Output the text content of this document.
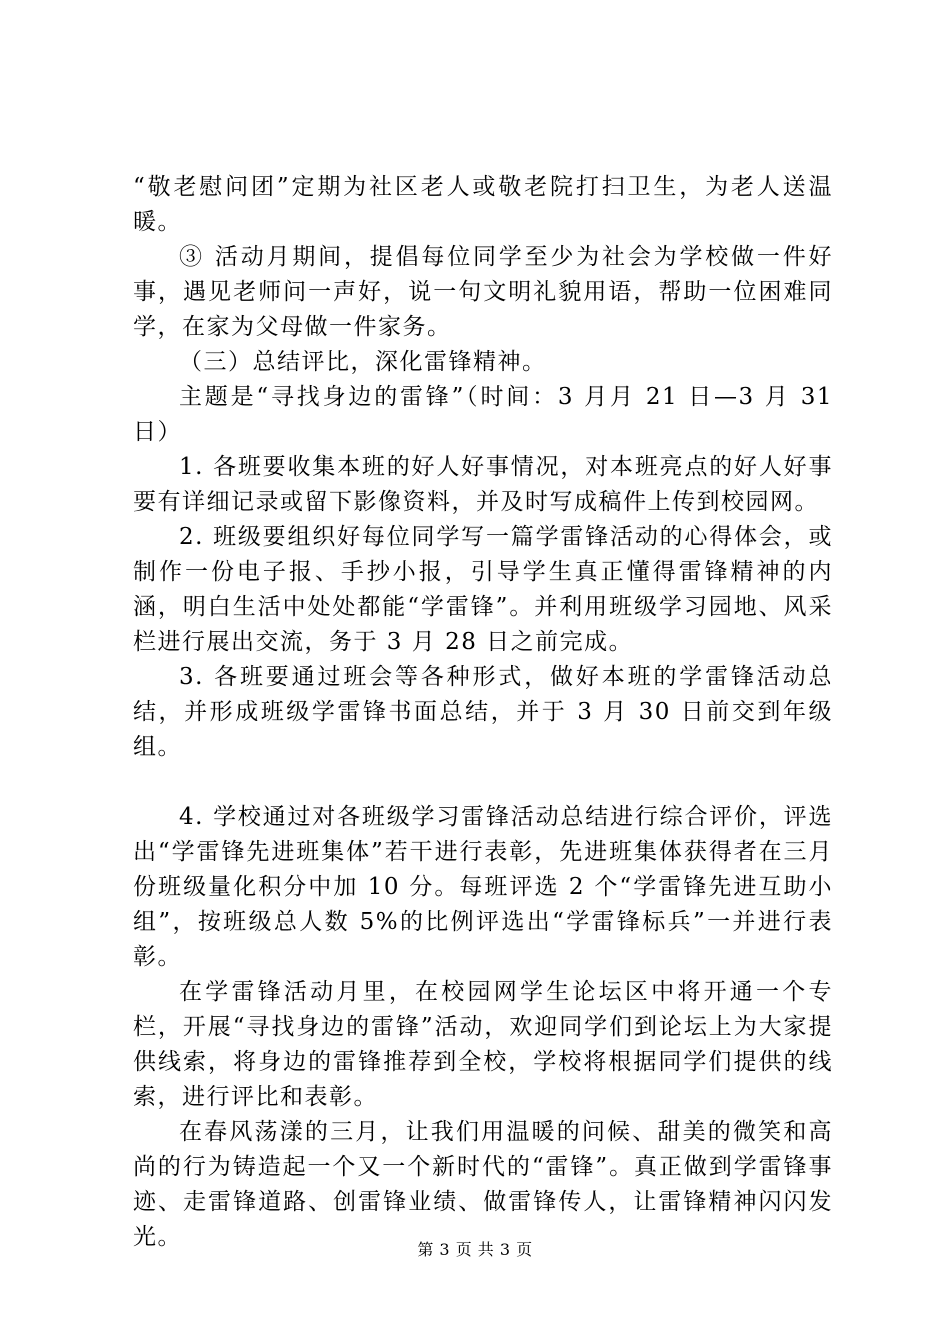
“敬老慰问团”定期为社区老人或敬老院打扫卫生，为老人送温暖。

③ 活动月期间，提倡每位同学至少为社会为学校做一件好事，遇见老师问一声好，说一句文明礼貌用语，帮助一位困难同学，在家为父母做一件家务。

（三）总结评比，深化雷锋精神。

主题是“寻找身边的雷锋”（时间：3 月月 21 日—3 月 31 日）

1. 各班要收集本班的好人好事情况，对本班亮点的好人好事要有详细记录或留下影像资料，并及时写成稿件上传到校园网。

2. 班级要组织好每位同学写一篇学雷锋活动的心得体会，或制作一份电子报、手抄小报，引导学生真正懂得雷锋精神的内涵，明白生活中处处都能“学雷锋”。并利用班级学习园地、风采栏进行展出交流，务于 3 月 28 日之前完成。

3. 各班要通过班会等各种形式，做好本班的学雷锋活动总结，并形成班级学雷锋书面总结，并于 3 月 30 日前交到年级组。

4. 学校通过对各班级学习雷锋活动总结进行综合评价，评选出“学雷锋先进班集体”若干进行表彰，先进班集体获得者在三月份班级量化积分中加 10 分。每班评选 2 个“学雷锋先进互助小组”，按班级总人数 5%的比例评选出“学雷锋标兵”一并进行表彰。

在学雷锋活动月里，在校园网学生论坛区中将开通一个专栏，开展“寻找身边的雷锋”活动，欢迎同学们到论坛上为大家提供线索，将身边的雷锋推荐到全校，学校将根据同学们提供的线索，进行评比和表彰。

在春风荡漾的三月，让我们用温暖的问候、甜美的微笑和高尚的行为铸造起一个又一个新时代的“雷锋”。真正做到学雷锋事迹、走雷锋道路、创雷锋业绩、做雷锋传人，让雷锋精神闪闪发光。	第 3 页 共 3 页
